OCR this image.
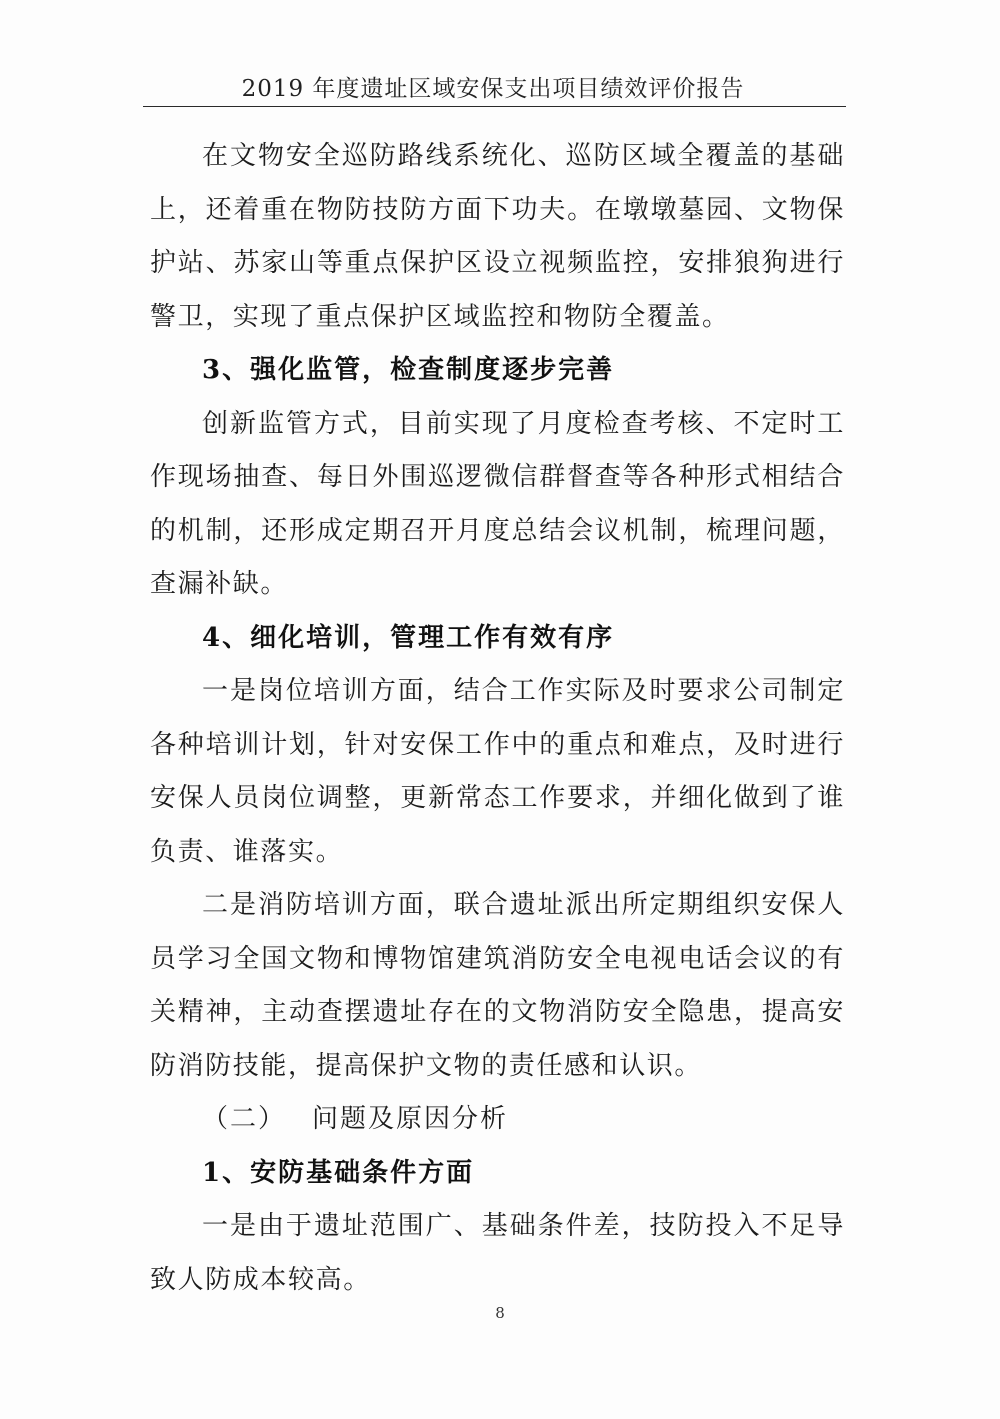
2019 年度遗址区域安保支出项目绩效评价报告

在文物安全巡防路线系统化、巡防区域全覆盖的基础上，还着重在物防技防方面下功夫。在墩墩墓园、文物保护站、苏家山等重点保护区设立视频监控，安排狼狗进行警卫，实现了重点保护区域监控和物防全覆盖。

3、强化监管，检查制度逐步完善

创新监管方式，目前实现了月度检查考核、不定时工作现场抽查、每日外围巡逻微信群督查等各种形式相结合的机制，还形成定期召开月度总结会议机制，梳理问题，查漏补缺。

4、细化培训，管理工作有效有序

一是岗位培训方面，结合工作实际及时要求公司制定各种培训计划，针对安保工作中的重点和难点，及时进行安保人员岗位调整，更新常态工作要求，并细化做到了谁负责、谁落实。

二是消防培训方面，联合遗址派出所定期组织安保人员学习全国文物和博物馆建筑消防安全电视电话会议的有关精神，主动查摆遗址存在的文物消防安全隐患，提高安防消防技能，提高保护文物的责任感和认识。

（二） 问题及原因分析

1、安防基础条件方面

一是由于遗址范围广、基础条件差，技防投入不足导致人防成本较高。

8
